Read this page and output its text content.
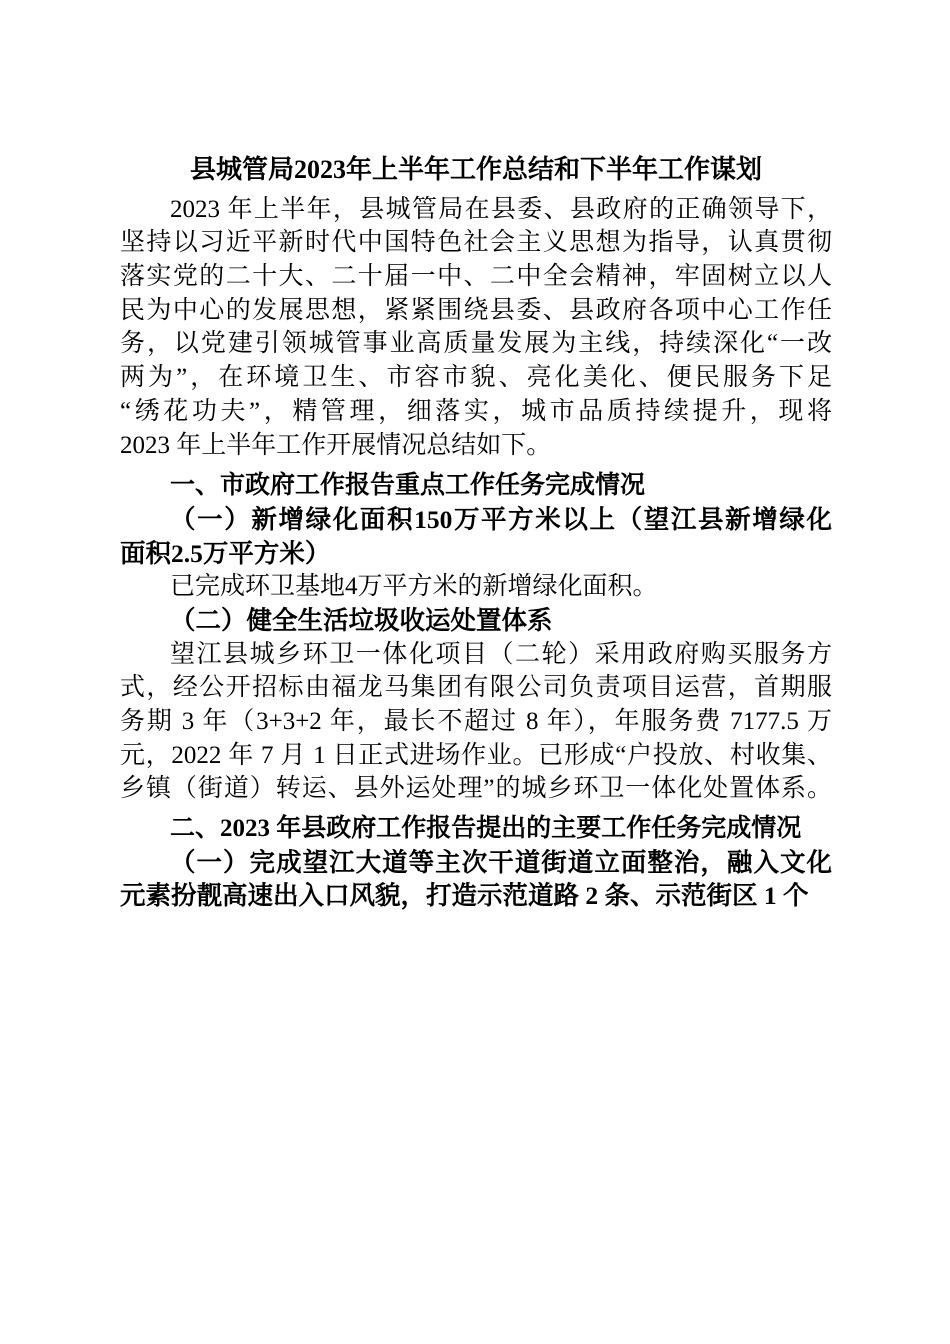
县城管局2023年上半年工作总结和下半年工作谋划
2023 年上半年，县城管局在县委、县政府的正确领导下，
坚持以习近平新时代中国特色社会主义思想为指导，认真贯彻
落实党的二十大、二十届一中、二中全会精神，牢固树立以人
民为中心的发展思想，紧紧围绕县委、县政府各项中心工作任
务，以党建引领城管事业高质量发展为主线，持续深化“一改
两为”，在环境卫生、市容市貌、亮化美化、便民服务下足
“绣花功夫”，精管理，细落实，城市品质持续提升，现将
2023 年上半年工作开展情况总结如下。
一、市政府工作报告重点工作任务完成情况
（一）新增绿化面积150万平方米以上（望江县新增绿化
面积2.5万平方米）
已完成环卫基地4万平方米的新增绿化面积。
（二）健全生活垃圾收运处置体系
望江县城乡环卫一体化项目（二轮）采用政府购买服务方
式，经公开招标由福龙马集团有限公司负责项目运营，首期服
务期 3 年（3+3+2 年，最长不超过 8 年），年服务费 7177.5 万
元，2022 年 7 月 1 日正式进场作业。已形成“户投放、村收集、
乡镇（街道）转运、县外运处理”的城乡环卫一体化处置体系。
二、2023 年县政府工作报告提出的主要工作任务完成情况
（一）完成望江大道等主次干道街道立面整治，融入文化
元素扮靓高速出入口风貌，打造示范道路 2 条、示范街区 1 个
